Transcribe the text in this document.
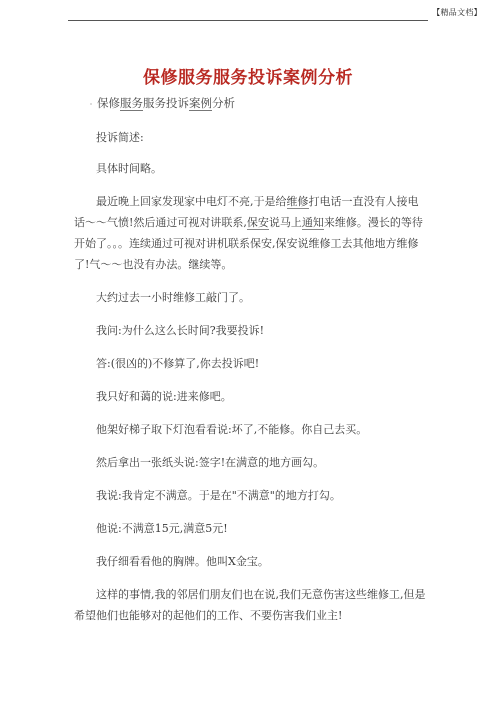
【精品文档】
保修服务服务投诉案例分析
保修服务服务投诉案例分析

投诉简述:

具体时间略。

最近晚上回家发现家中电灯不亮,于是给维修打电话一直没有人接电话～～气愤!然后通过可视对讲联系,保安说马上通知来维修。漫长的等待开始了。。。连续通过可视对讲机联系保安,保安说维修工去其他地方维修了!气～～也没有办法。继续等。

大约过去一小时维修工敲门了。

我问:为什么这么长时间?我要投诉!

答:(很凶的)不修算了,你去投诉吧!

我只好和蔼的说:进来修吧。

他架好梯子取下灯泡看看说:坏了,不能修。你自己去买。

然后拿出一张纸头说:签字!在满意的地方画勾。

我说:我肯定不满意。于是在"不满意"的地方打勾。

他说:不满意15元,满意5元!

我仔细看看他的胸牌。他叫X金宝。

这样的事情,我的邻居们朋友们也在说,我们无意伤害这些维修工,但是希望他们也能够对的起他们的工作、不要伤害我们业主!
